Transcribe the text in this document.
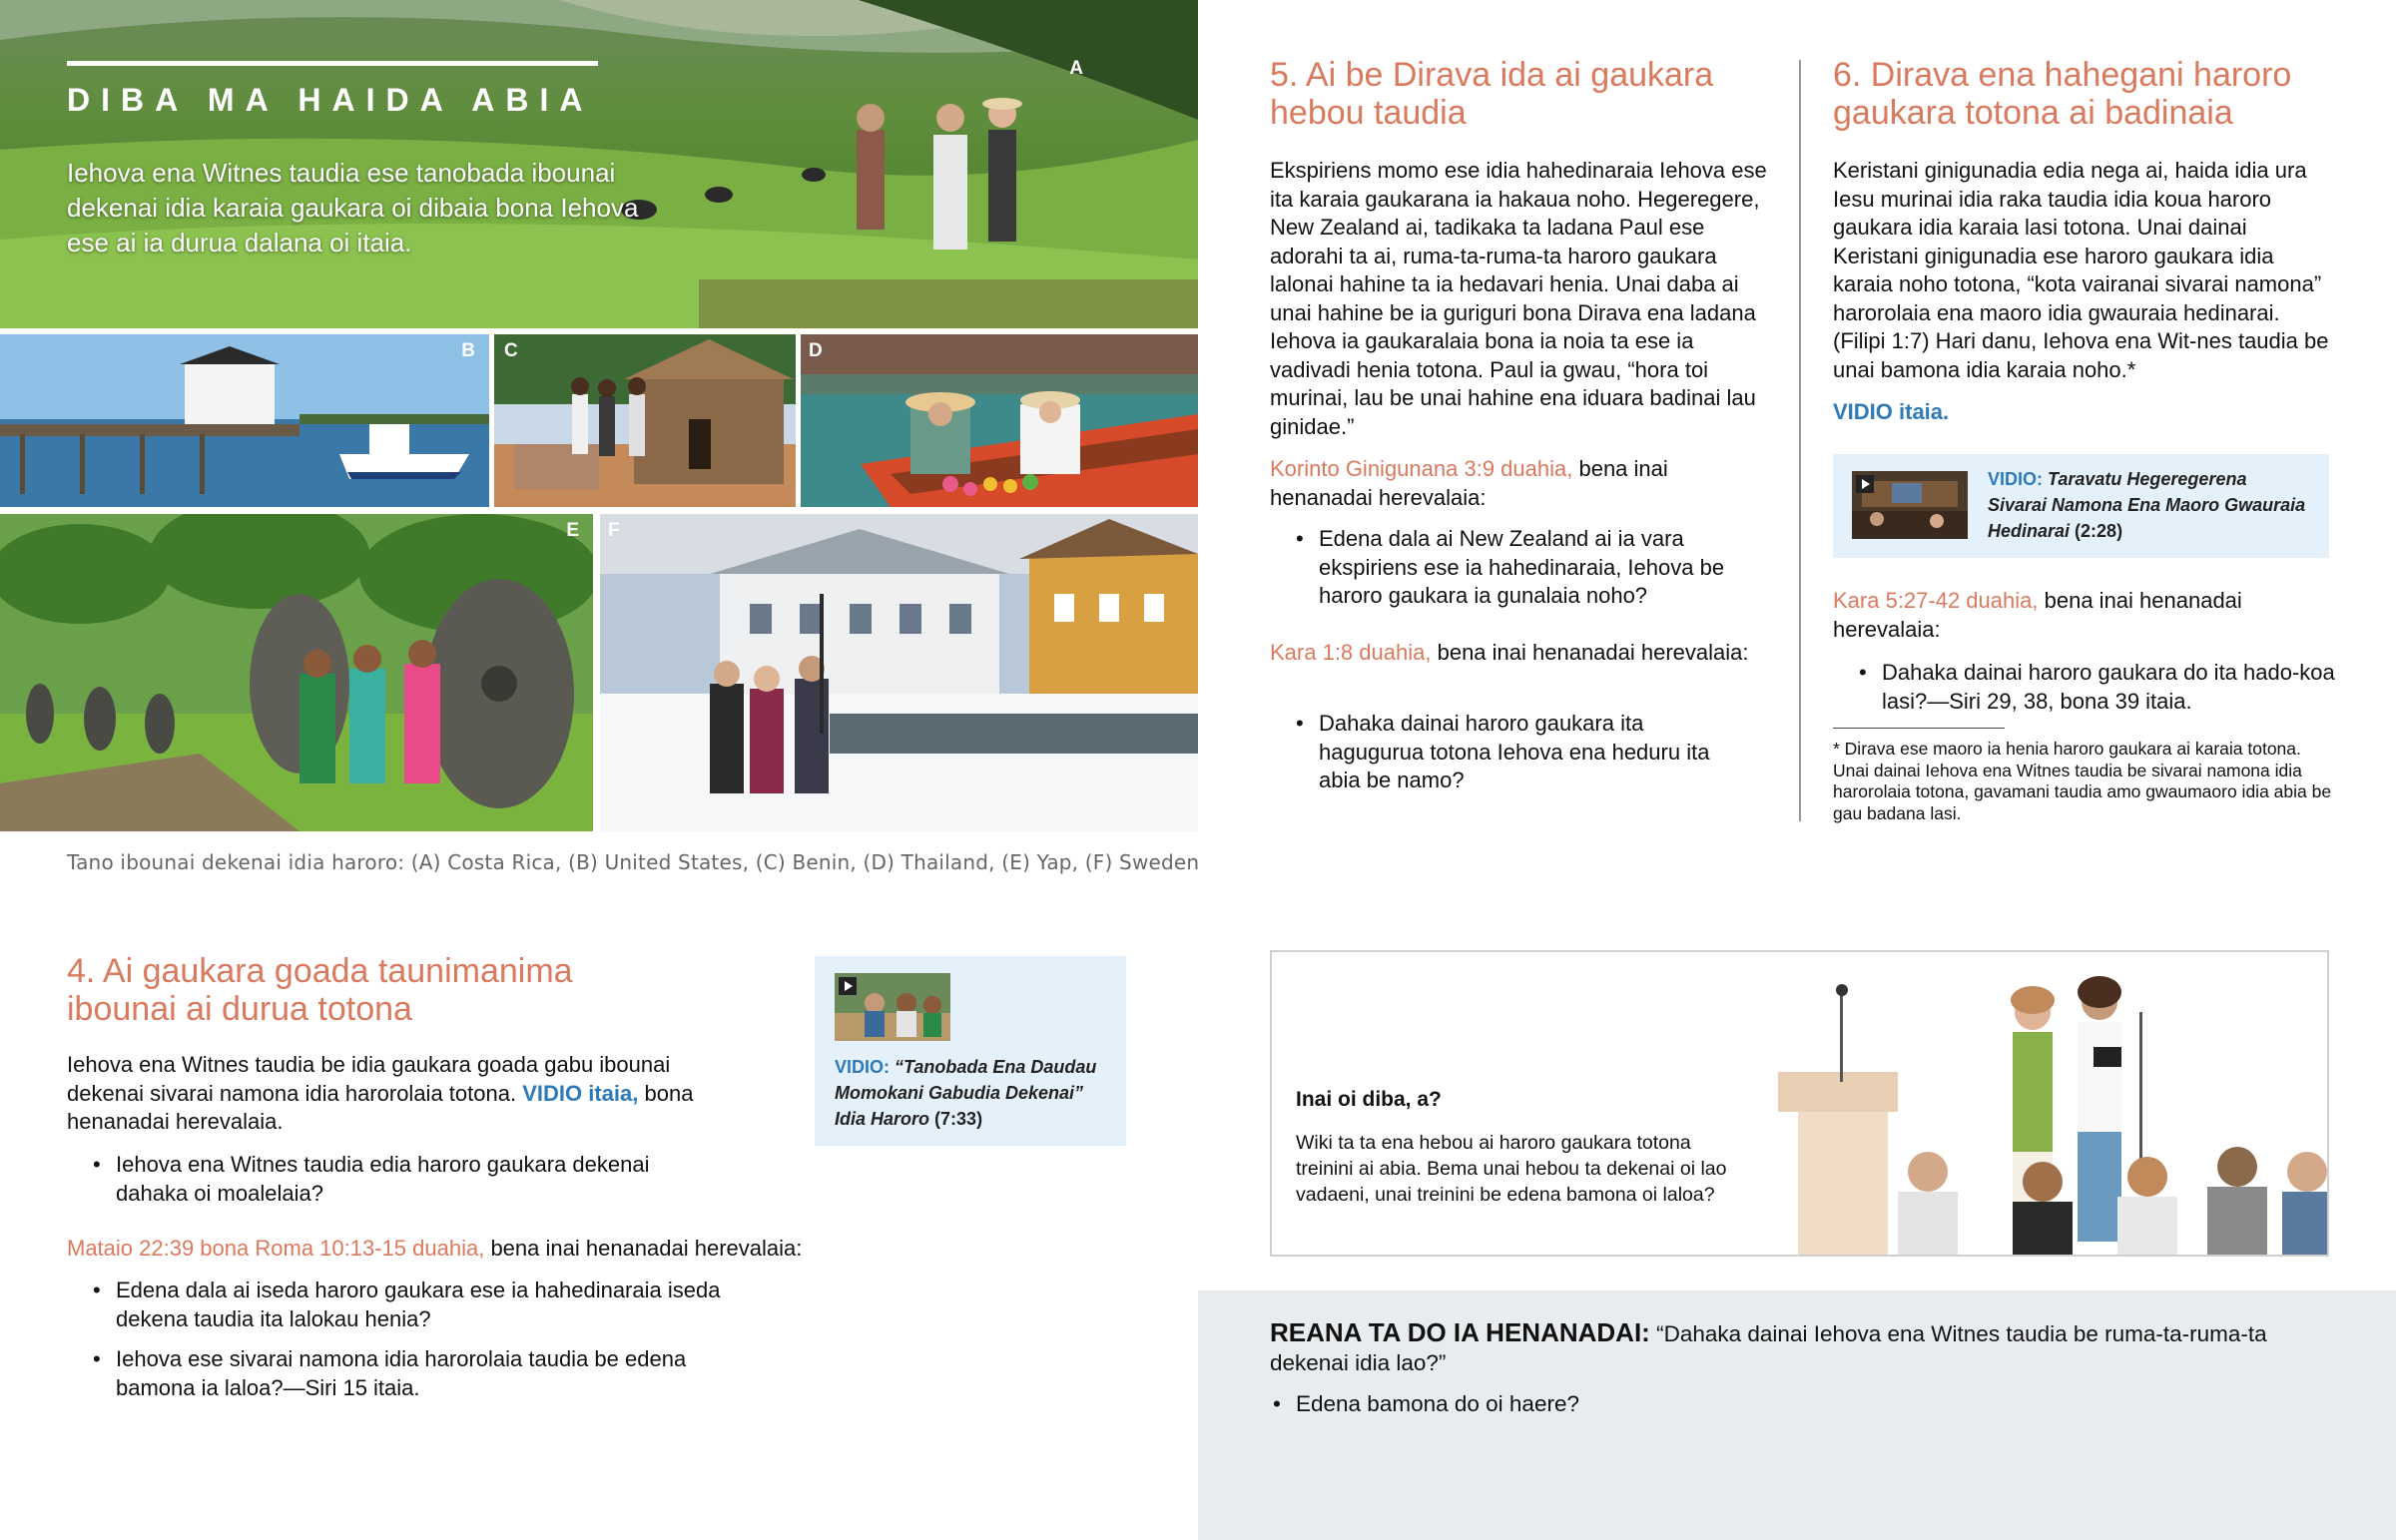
A
DIBA MA HAIDA ABIA
Iehova ena Witnes taudia ese tanobada ibounai dekenai idia karaia gaukara oi dibaia bona Iehova ese ai ia durua dalana oi itaia.
B C	D
E F
Tano ibounai dekenai idia haroro: (A) Costa Rica, (B) United States, (C) Benin, (D) Thailand, (E) Yap, (F) Sweden
4. Ai gaukara goada taunimanima ibounai ai durua totona
Iehova ena Witnes taudia be idia gaukara goada gabu ibounai dekenai sivarai namona idia harorolaia totona. VIDIO itaia, bona henanadai herevalaia.
• Iehova ena Witnes taudia edia haroro gaukara dekenai dahaka oi moalelaia?
Mataio 22:39 bona Roma 10:13-15 duahia, bena inai henanadai herevalaia:
• Edena dala ai iseda haroro gaukara ese ia hahedinaraia iseda dekena taudia ita lalokau henia?
• Iehova ese sivarai namona idia harorolaia taudia be edena bamona ia laloa?—Siri 15 itaia.
VIDIO: “Tanobada Ena Daudau Momokani Gabudia Dekenai” Idia Haroro (7:33)
5. Ai be Dirava ida ai gaukara hebou taudia
Ekspiriens momo ese idia hahedinaraia Iehova ese ita karaia gaukarana ia hakaua noho. Hegeregere, New Zealand ai, tadikaka ta ladana Paul ese adorahi ta ai, ruma-ta-ruma-ta haroro gaukara lalonai hahine ta ia hedavari henia. Unai daba ai unai hahine be ia guriguri bona Dirava ena ladana Iehova ia gaukaralaia bona ia noia ta ese ia vadivadi henia totona. Paul ia gwau, “hora toi murinai, lau be unai hahine ena iduara badinai lau ginidae.”
Korinto Ginigunana 3:9 duahia, bena inai henanadai herevalaia:
• Edena dala ai New Zealand ai ia vara ekspiriens ese ia hahedinaraia, Iehova be haroro gaukara ia gunalaia noho?
Kara 1:8 duahia, bena inai henanadai herevalaia:
• Dahaka dainai haroro gaukara ita hagugurua totona Iehova ena heduru ita abia be namo?
6. Dirava ena hahegani haroro gaukara totona ai badinaia
Keristani ginigunadia edia nega ai, haida idia ura Iesu murinai idia raka taudia idia koua haroro gaukara idia karaia lasi totona. Unai dainai Keristani ginigunadia ese haroro gaukara idia karaia noho totona, “kota vairanai sivarai namona” harorolaia ena maoro idia gwauraia hedinarai. (Filipi 1:7) Hari danu, Iehova ena Wit-nes taudia be unai bamona idia karaia noho.*
VIDIO itaia.
VIDIO: Taravatu Hegeregerena Sivarai Namona Ena Maoro Gwauraia Hedinarai (2:28)
Kara 5:27-42 duahia, bena inai henanadai herevalaia:
• Dahaka dainai haroro gaukara do ita hado-koa lasi?—Siri 29, 38, bona 39 itaia.
* Dirava ese maoro ia henia haroro gaukara ai karaia totona. Unai dainai Iehova ena Witnes taudia be sivarai namona idia harorolaia totona, gavamani taudia amo gwaumaoro idia abia be gau badana lasi.
Inai oi diba, a?
Wiki ta ta ena hebou ai haroro gaukara totona treinini ai abia. Bema unai hebou ta dekenai oi lao vadaeni, unai treinini be edena bamona oi laloa?
REANA TA DO IA HENANADAI: “Dahaka dainai Iehova ena Witnes taudia be ruma-ta-ruma-ta dekenai idia lao?”
• Edena bamona do oi haere?
